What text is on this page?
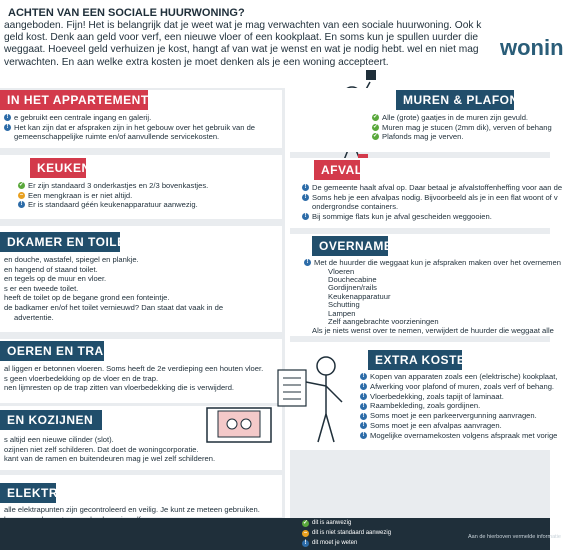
ACHTEN VAN EEN SOCIALE HUURWONING?
aangeboden. Fijn! Het is belangrijk dat je weet wat je mag verwachten van een sociale huurwoning. Ook k geld kost. Denk aan geld voor verf, een nieuwe vloer of een kookplaat. En soms kun je spullen uurder die weggaat. Hoeveel geld verhuizen je kost, hangt af van wat je wenst en wat je nodig hebt. wel en niet mag verwachten. En aan welke extra kosten je moet denken als je een woning accepteert.
wonin
IN HET APPARTEMENT
! e gebruikt een centrale ingang en galerij.
! Het kan zijn dat er afspraken zijn in het gebouw over het gebruik van de
gemeenschappelijke ruimte en/of aanvullende servicekosten.
KEUKEN
✓ Er zijn standaard 3 onderkastjes en 2/3 bovenkastjes.
– Een mengkraan is er niet altijd.
! Er is standaard géén keukenapparatuur aanwezig.
DKAMER EN TOILET
en douche, wastafel, spiegel en plankje.
en hangend of staand toilet.
en tegels op de muur en vloer.
s er een tweede toilet.
heeft de toilet op de begane grond een fonteintje.
de badkamer en/of het toilet vernieuwd? Dan staat dat vaak in de
advertentie.
OEREN EN TRAP
al liggen er betonnen vloeren. Soms heeft de 2e verdieping een houten vloer.
s geen vloerbedekking op de vloer en de trap.
nen lijmresten op de trap zitten van vloerbedekking die is verwijderd.
EN KOZIJNEN
s altijd een nieuwe cilinder (slot).
ozijnen niet zelf schilderen. Dat doet de woningcorporatie.
kant van de ramen en buitendeuren mag je wel zelf schilderen.
ELEKTRA
alle elektrapunten zijn gecontroleerd en veilig. Je kunt ze meteen gebruiken.
MUREN & PLAFONDS
✓ Alle (grote) gaatjes in de muren zijn gevuld.
✓ Muren mag je stucen (2mm dik), verven of behang
✓ Plafonds mag je verven.
AFVAL
! De gemeente haalt afval op. Daar betaal je afvalstoffenheffing voor aan de
! Soms heb je een afvalpas nodig. Bijvoorbeeld als je in een flat woont of v
ondergrondse containers.
! Bij sommige flats kun je afval gescheiden weggooien.
OVERNAMES
! Met de huurder die weggaat kun je afspraken maken over het overnemen
Vloeren
Douchecabine
Gordijnen/rails
Keukenapparatuur
Schutting
Lampen
Zelf aangebrachte voorzieningen
Als je niets wenst over te nemen, verwijdert de huurder die weggaat alle
EXTRA KOSTEN
! Kopen van apparaten zoals een (elektrische) kookplaat,
! Afwerking voor plafond of muren, zoals verf of behang.
! Vloerbedekking, zoals tapijt of laminaat.
! Raambekleding, zoals gordijnen.
! Soms moet je een parkeervergunning aanvragen.
! Soms moet je een afvalpas aanvragen.
! Mogelijke overnamekosten volgens afspraak met vorige
✓ dit is aanwezig
– dit is niet standaard aanwezig
! dit moet je weten
Aan de hierboven vermelde informatie
